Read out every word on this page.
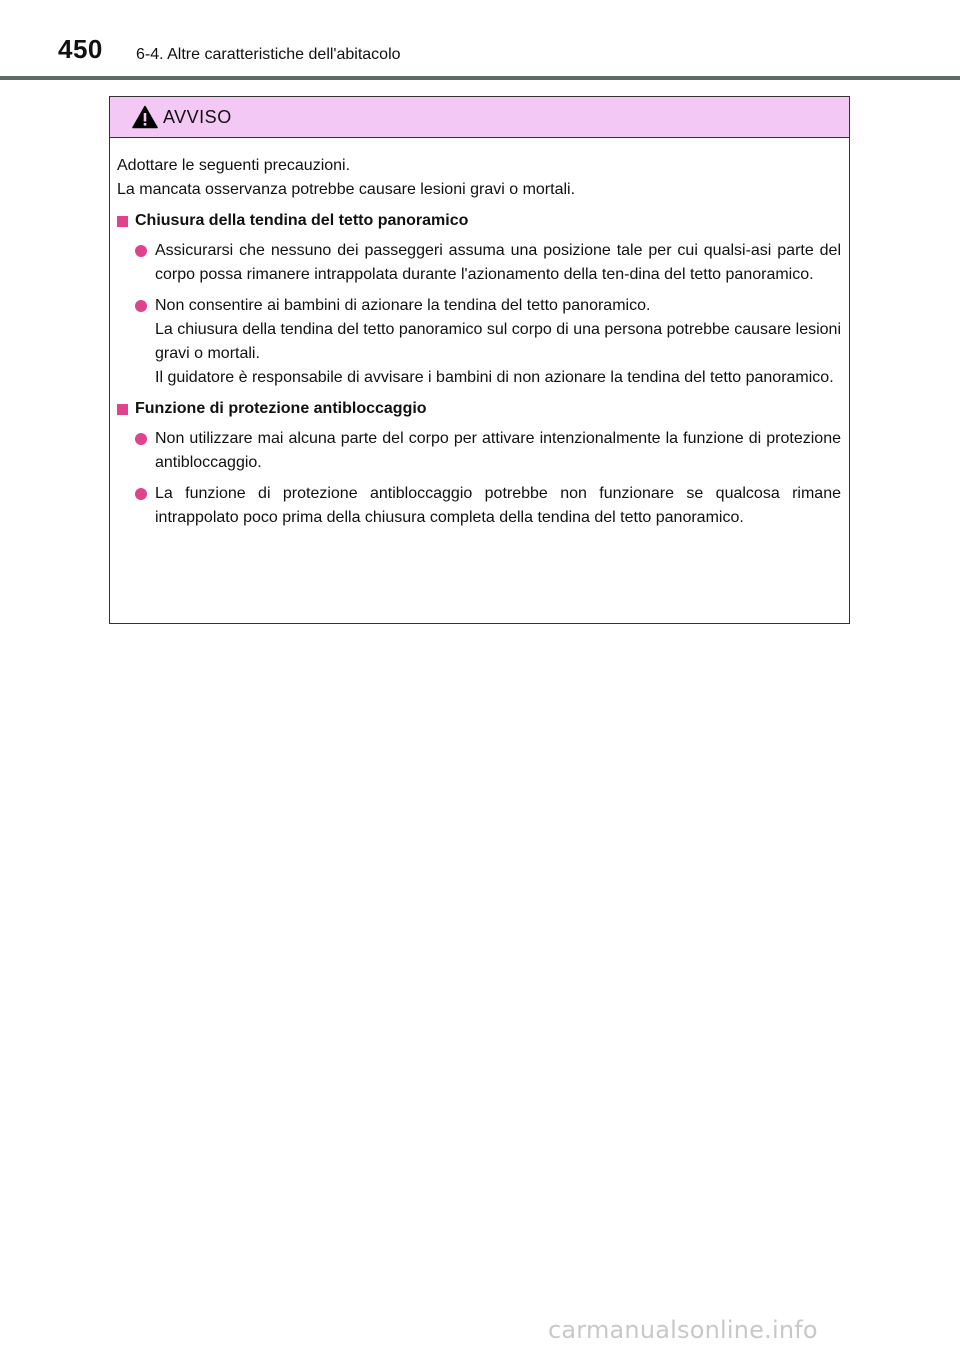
450 6-4. Altre caratteristiche dell'abitacolo
AVVISO
Adottare le seguenti precauzioni.
La mancata osservanza potrebbe causare lesioni gravi o mortali.
Chiusura della tendina del tetto panoramico
Assicurarsi che nessuno dei passeggeri assuma una posizione tale per cui qualsi-asi parte del corpo possa rimanere intrappolata durante l'azionamento della ten-dina del tetto panoramico.
Non consentire ai bambini di azionare la tendina del tetto panoramico.
La chiusura della tendina del tetto panoramico sul corpo di una persona potrebbe causare lesioni gravi o mortali.
Il guidatore è responsabile di avvisare i bambini di non azionare la tendina del tetto panoramico.
Funzione di protezione antibloccaggio
Non utilizzare mai alcuna parte del corpo per attivare intenzionalmente la funzione di protezione antibloccaggio.
La funzione di protezione antibloccaggio potrebbe non funzionare se qualcosa rimane intrappolato poco prima della chiusura completa della tendina del tetto panoramico.
carmanualsonline.info
